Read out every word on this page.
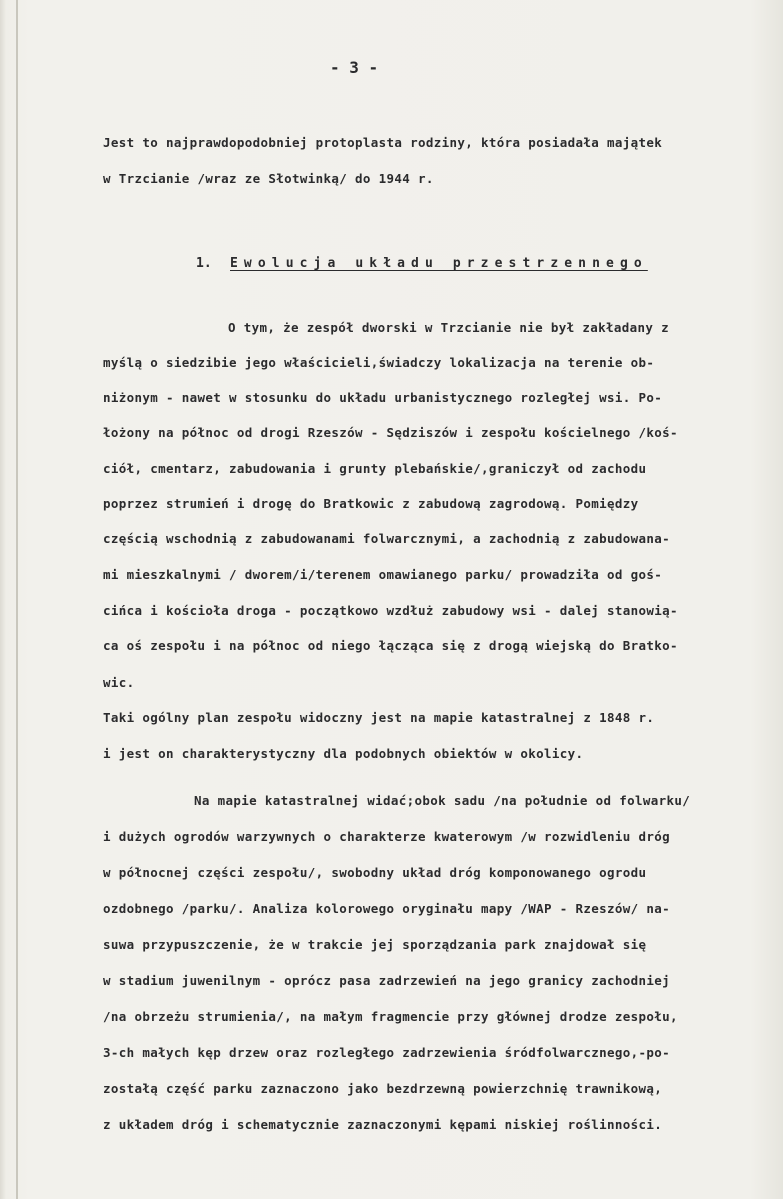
- 3 -
Jest to najprawdopodobniej protoplasta rodziny, która posiadała majątek
w Trzcianie /wraz ze Słotwinką/ do 1944 r.
1. Ewolucja układu przestrzennego
O tym, że zespół dworski w Trzcianie nie był zakładany z
myślą o siedzibie jego właścicieli,świadczy lokalizacja na terenie ob-
niżonym - nawet w stosunku do układu urbanistycznego rozległej wsi. Po-
łożony na północ od drogi Rzeszów - Sędziszów i zespołu kościelnego /koś-
ciół, cmentarz, zabudowania i grunty plebańskie/,graniczył od zachodu
poprzez strumień i drogę do Bratkowic z zabudową zagrodową. Pomiędzy
częścią wschodnią z zabudowanami folwarcznymi, a zachodnią z zabudowana-
mi mieszkalnymi / dworem/i/terenem omawianego parku/ prowadziła od goś-
cińca i kościoła droga - początkowo wzdłuż zabudowy wsi - dalej stanowią-
ca oś zespołu i na północ od niego łącząca się z drogą wiejską do Bratko-
wic.
Taki ogólny plan zespołu widoczny jest na mapie katastralnej z 1848 r.
i jest on charakterystyczny dla podobnych obiektów w okolicy.
Na mapie katastralnej widać;obok sadu /na południe od folwarku/
i dużych ogrodów warzywnych o charakterze kwaterowym /w rozwidleniu dróg
w północnej części zespołu/, swobodny układ dróg komponowanego ogrodu
ozdobnego /parku/. Analiza kolorowego oryginału mapy /WAP - Rzeszów/ na-
suwa przypuszczenie, że w trakcie jej sporządzania park znajdował się
w stadium juwenilnym - oprócz pasa zadrzewień na jego granicy zachodniej
/na obrzeżu strumienia/, na małym fragmencie przy głównej drodze zespołu,
3-ch małych kęp drzew oraz rozległego zadrzewienia śródfolwarcznego,-po-
zostałą część parku zaznaczono jako bezdrzewną powierzchnię trawnikową,
z układem dróg i schematycznie zaznaczonymi kępami niskiej roślinności.
